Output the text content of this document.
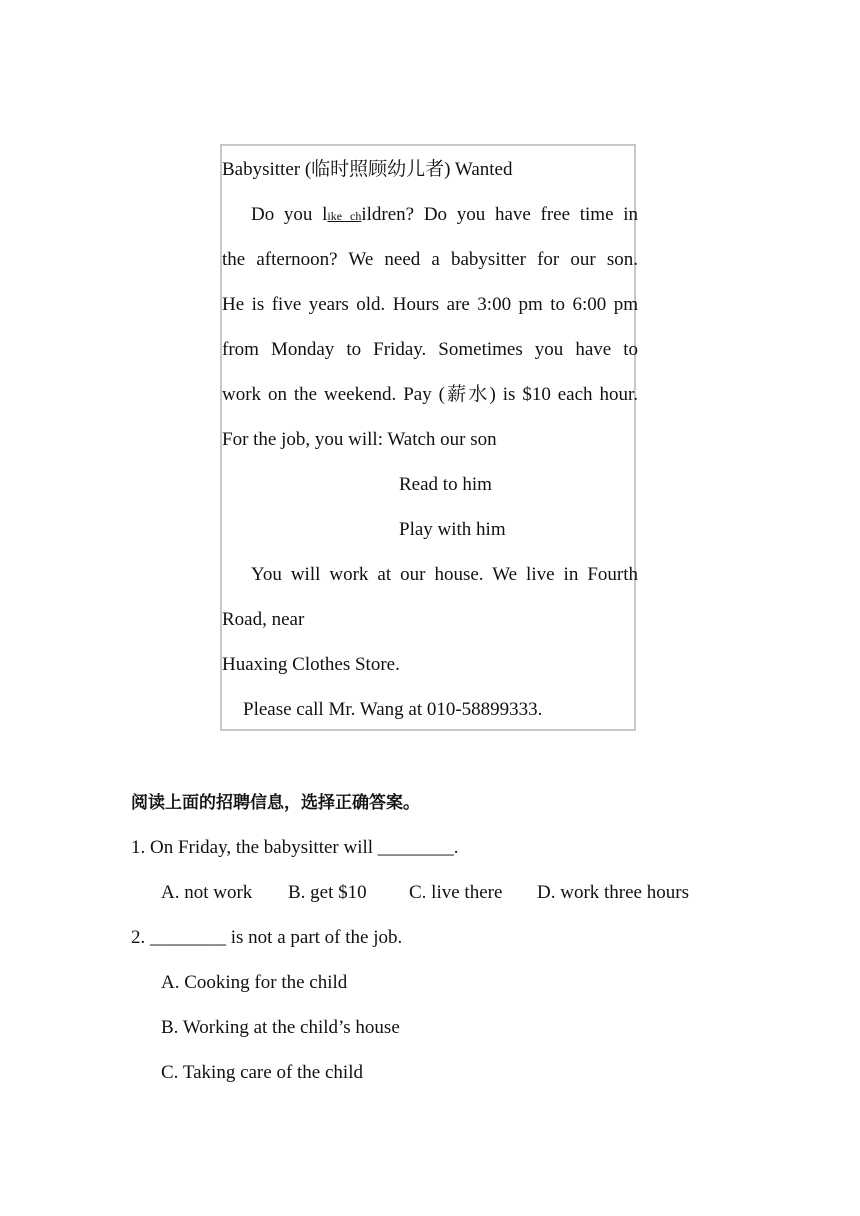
Babysitter (临时照顾幼儿者) Wanted
Do you like children? Do you have free time in
the afternoon? We need a babysitter for our son.
He is five years old. Hours are 3:00 pm to 6:00 pm
from Monday to Friday. Sometimes you have to
work on the weekend. Pay (薪水) is $10 each hour.
For the job, you will: Watch our son
Read to him
Play with him
You will work at our house. We live in Fourth
Road, near
Huaxing Clothes Store.
Please call Mr. Wang at 010-58899333.
阅读上面的招聘信息，选择正确答案。
1. On Friday, the babysitter will ________.
A. not work B. get $10 C. live there D. work three hours
2. ________ is not a part of the job.
A. Cooking for the child
B. Working at the child’s house
C. Taking care of the child
